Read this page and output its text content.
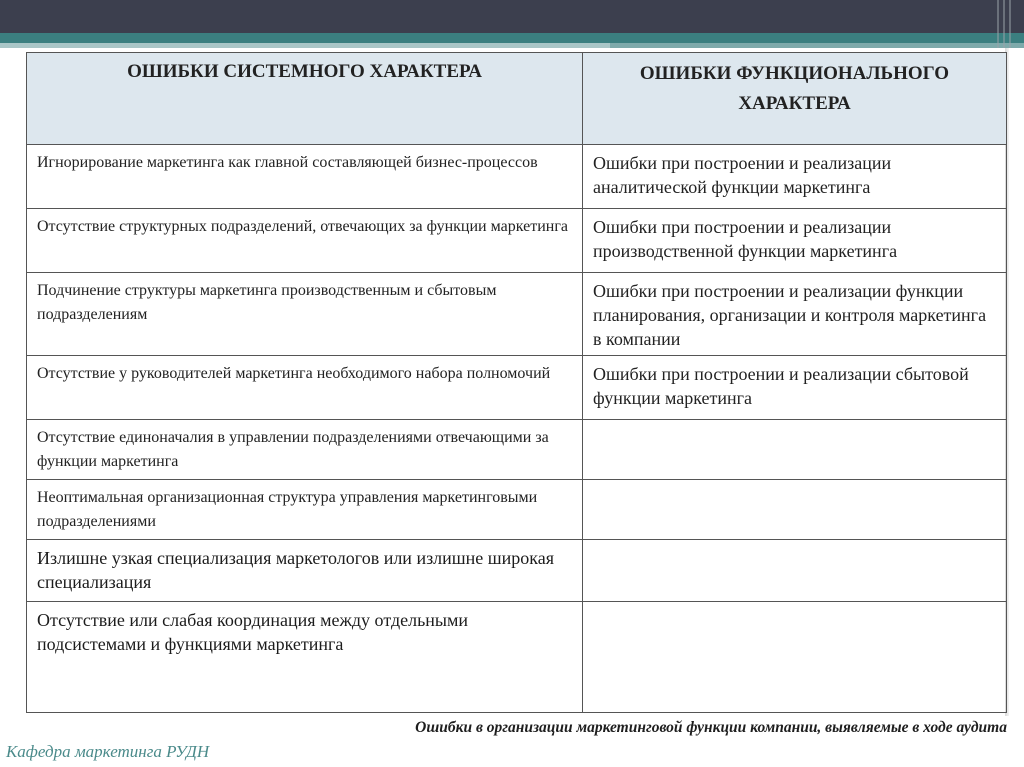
ОШИБКИ СИСТЕМНОГО ХАРАКТЕРА	ОШИБКИ ФУНКЦИОНАЛЬНОГО ХАРАКТЕРА
Игнорирование маркетинга как главной составляющей бизнес-процессов	Ошибки при построении и реализации аналитической функции маркетинга
Отсутствие структурных подразделений, отвечающих за функции маркетинга	Ошибки при построении и реализации производственной функции маркетинга
Подчинение структуры маркетинга производственным и сбытовым подразделениям	Ошибки при построении и реализации функции планирования, организации и контроля маркетинга в компании
Отсутствие у руководителей маркетинга необходимого набора полномочий	Ошибки при построении и реализации сбытовой функции маркетинга
Отсутствие единоначалия в управлении подразделениями отвечающими за функции маркетинга	
Неоптимальная организационная структура управления маркетинговыми подразделениями	
Излишне узкая специализация маркетологов или излишне широкая специализация	
Отсутствие или слабая координация между отдельными подсистемами и функциями маркетинга	
Ошибки в организации маркетинговой функции компании, выявляемые в ходе аудита
Кафедра маркетинга РУДН
